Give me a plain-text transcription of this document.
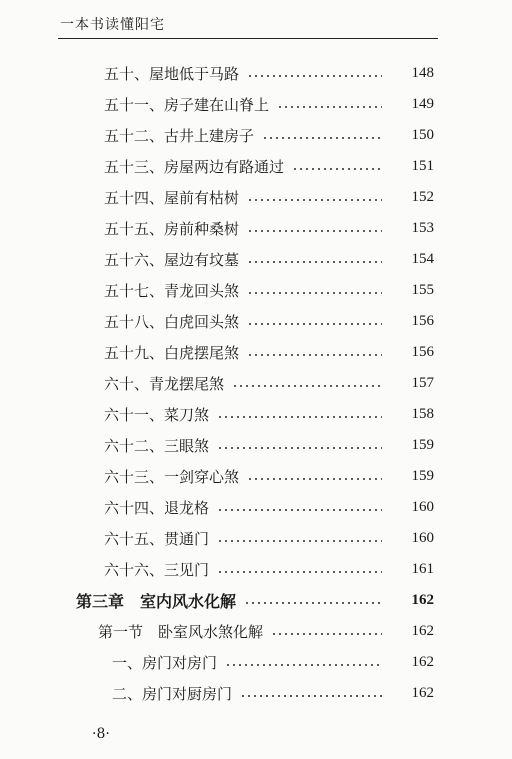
一本书读懂阳宅
五十、屋地低于马路	148
五十一、房子建在山脊上	149
五十二、古井上建房子	150
五十三、房屋两边有路通过	151
五十四、屋前有枯树	152
五十五、房前种桑树	153
五十六、屋边有坟墓	154
五十七、青龙回头煞	155
五十八、白虎回头煞	156
五十九、白虎摆尾煞	156
六十、青龙摆尾煞	157
六十一、菜刀煞	158
六十二、三眼煞	159
六十三、一剑穿心煞	159
六十四、退龙格	160
六十五、贯通门	160
六十六、三见门	161
第三章　室内风水化解	162
第一节　卧室风水煞化解	162
一、房门对房门	162
二、房门对厨房门	162
·8·
